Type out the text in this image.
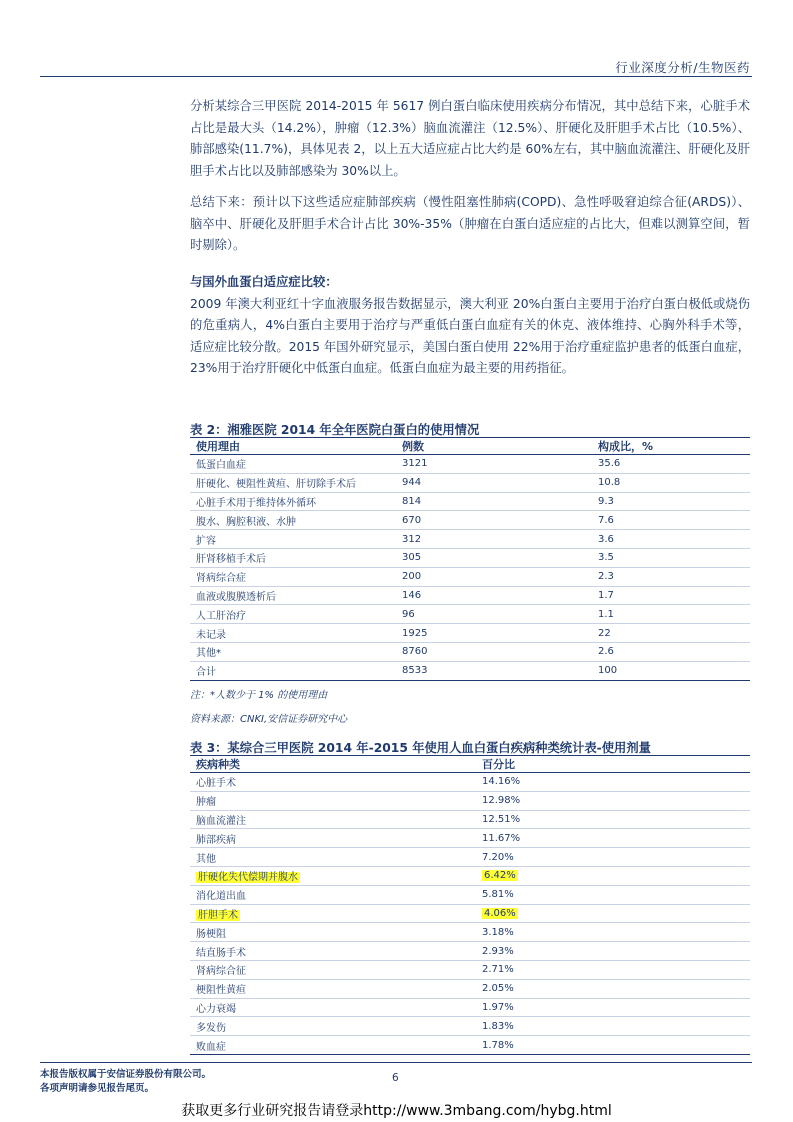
行业深度分析/生物医药

分析某综合三甲医院 2014-2015 年 5617 例白蛋白临床使用疾病分布情况，其中总结下来，心脏手术占比是最大头（14.2%），肿瘤（12.3%）脑血流灌注（12.5%）、肝硬化及肝胆手术占比（10.5%）、肺部感染(11.7%)，具体见表 2，以上五大适应症占比大约是 60%左右，其中脑血流灌注、肝硬化及肝胆手术占比以及肺部感染为 30%以上。

总结下来：预计以下这些适应症肺部疾病（慢性阻塞性肺病(COPD)、急性呼吸窘迫综合征(ARDS)）、脑卒中、肝硬化及肝胆手术合计占比 30%-35%（肿瘤在白蛋白适应症的占比大，但难以测算空间，暂时剔除）。

与国外血蛋白适应症比较：

2009 年澳大利亚红十字血液服务报告数据显示，澳大利亚 20%白蛋白主要用于治疗白蛋白极低或烧伤的危重病人，4%白蛋白主要用于治疗与严重低白蛋白血症有关的休克、液体维持、心胸外科手术等，适应症比较分散。2015 年国外研究显示，美国白蛋白使用 22%用于治疗重症监护患者的低蛋白血症，23%用于治疗肝硬化中低蛋白血症。低蛋白血症为最主要的用药指征。

表 2：湘雅医院 2014 年全年医院白蛋白的使用情况
使用理由	例数	构成比，%
低蛋白血症	3121	35.6
肝硬化、梗阻性黄疸、肝切除手术后	944	10.8
心脏手术用于维持体外循环	814	9.3
腹水、胸腔积液、水肿	670	7.6
扩容	312	3.6
肝肾移植手术后	305	3.5
肾病综合症	200	2.3
血液或腹膜透析后	146	1.7
人工肝治疗	96	1.1
未记录	1925	22
其他*	8760	2.6
合计	8533	100
注：*人数少于 1% 的使用理由
资料来源：CNKI,安信证券研究中心
表 3：某综合三甲医院 2014 年-2015 年使用人血白蛋白疾病种类统计表-使用剂量
疾病种类	百分比
心脏手术	14.16%
肿瘤	12.98%
脑血流灌注	12.51%
肺部疾病	11.67%
其他	7.20%
肝硬化失代偿期并腹水	6.42%
消化道出血	5.81%
肝胆手术	4.06%
肠梗阻	3.18%
结直肠手术	2.93%
肾病综合征	2.71%
梗阻性黄疸	2.05%
心力衰竭	1.97%
多发伤	1.83%
败血症	1.78%
本报告版权属于安信证券股份有限公司。
各项声明请参见报告尾页。
6
获取更多行业研究报告请登录http://www.3mbang.com/hybg.html
